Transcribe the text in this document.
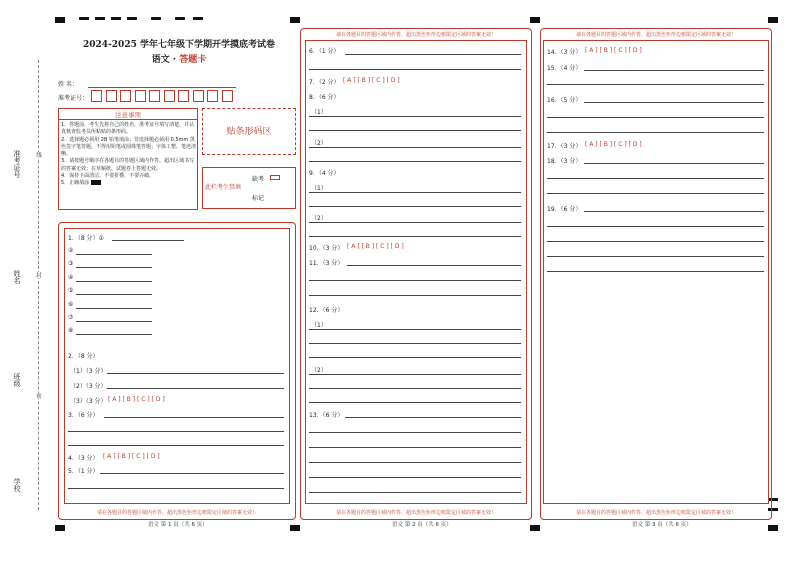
准考证号
姓名
班级
学校
线
封
密
2024-2025 学年七年级下学期开学摸底考试卷
语文 · 答题卡
姓 名：
准考证号：
注意事项
1．答题前，考生先将自己的姓名，准考证号填写清楚，并认真核查监考员所粘贴的条形码。
2．选择题必须用 2B 铅笔填涂；非选择题必须用 0.5mm 黑色签字笔答题，不得用铅笔或圆珠笔答题；字体工整、笔迹清晰。
3．请按题号顺序在各题目的答题区域内作答，超出区域书写的答案无效；在草稿纸、试题卷上答题无效。
4．保持卡面清洁，不要折叠，不要弄破。
5．正确填涂
贴条形码区
此栏考生禁填
缺考
标记
1．（8 分）①
②
③
④
⑤
⑥
⑦
⑧
2．（8 分）
（1）（3 分）
（2）（3 分）
（3）（3 分） [ A ] [ B ] [ C ] [ D ]
3．（6 分）
4．（3 分） [ A ] [ B ] [ C ] [ D ]
5．（1 分）
请在各题目的答题区域内作答，超出黑色矩形边框限定区域的答案无效！
语文 第 1 页（共 6 页）
请在各题目的答题区域内作答，超出黑色矩形边框限定区域的答案无效！
6．（1 分）
7．（2 分） [ A ] [ B ] [ C ] [ D ]
8．（6 分）
（1）
（2）
9．（4 分）
（1）
（2）
10．（3 分） [ A ] [ B ] [ C ] [ D ]
11．（3 分）
12．（6 分）
（1）
（2）
13．（6 分）
请在各题目的答题区域内作答，超出黑色矩形边框限定区域的答案无效！
语文 第 2 页（共 6 页）
请在各题目的答题区域内作答，超出黑色矩形边框限定区域的答案无效！
14．（3 分） [ A ] [ B ] [ C ] [ D ]
15．（4 分）
16．（5 分）
17．（3 分） [ A ] [ B ] [ C ] [ D ]
18．（3 分）
19．（6 分）
请在各题目的答题区域内作答，超出黑色矩形边框限定区域的答案无效！
语文 第 3 页（共 6 页）
